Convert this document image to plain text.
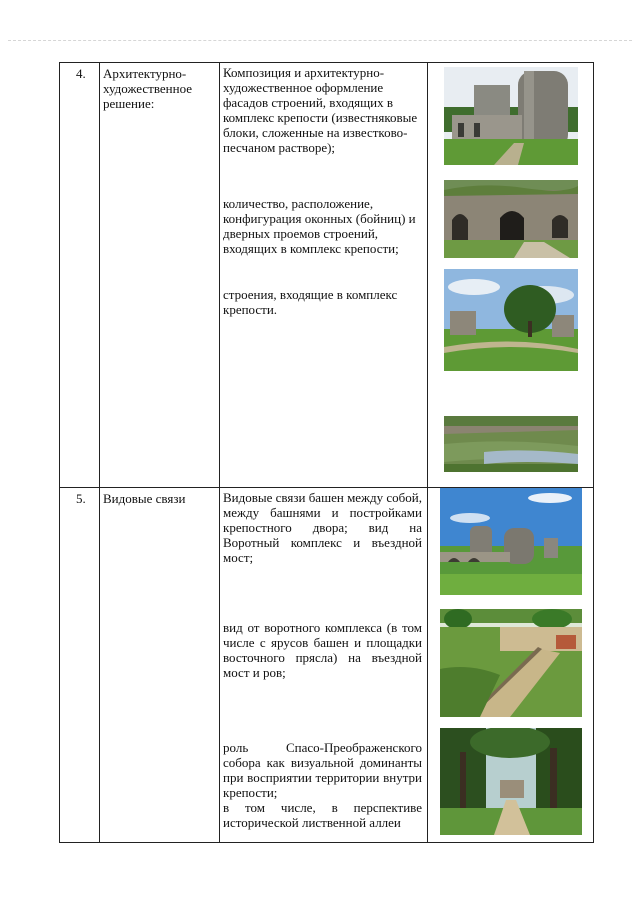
4.	Архитектурно-художественное решение:	Композиция и архитектурно-художественное оформление фасадов строений, входящих в комплекс крепости (известняковые блоки, сложенные на известково-песчаном растворе);
количество, расположение, конфигурация оконных (бойниц) и дверных проемов строений, входящих в комплекс крепости;
строения, входящие в комплекс крепости.

5.	Видовые связи	Видовые связи башен между собой, между башнями и постройками крепостного двора; вид на Воротный комплекс и въездной мост;
вид от воротного комплекса (в том числе с ярусов башен и площадки восточного прясла) на въездной мост и ров;
роль Спасо-Преображенского собора как визуальной доминанты при восприятии территории внутри крепости;
в том числе, в перспективе исторической лиственной аллеи
